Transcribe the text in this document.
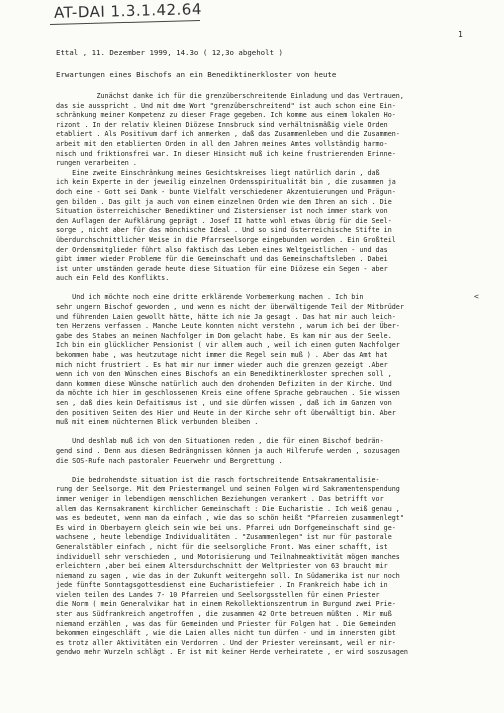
AT-DAI 1.3.1.42.64
1
Ettal , 11. Dezember 1999, 14.3o ( 12,3o abgeholt )
Erwartungen eines Bischofs an ein Benediktinerkloster von heute
<
Zunächst danke ich für die grenzüberschreitende Einladung und das Vertrauen,
das sie ausspricht . Und mit dme Wort "grenzüberschreitend" ist auch schon eine Ein-
schränkung meiner Kompetenz zu dieser Frage gegeben. Ich komme aus einem lokalen Ho-
rizont . In der relativ kleinen Diözese Innsbruck sind verhältnismäßig viele Orden
etabliert . Als Positivum darf ich anmerken , daß das Zusammenleben und die Zusammen-
arbeit mit den etablierten Orden in all den Jahren meines Amtes vollständig harmo-
nisch und friktionsfrei war. In dieser Hinsicht muß ich keine frustrierenden Erinne-
rungen verarbeiten .
Eine zweite Einschränkung meines Gesichtskreises liegt natürlich darin , daß
ich kein Experte in der jeweilig einzelnen Ordensspiritualität bin , die zusammen ja
doch eine - Gott sei Dank - bunte Vielfalt verschiedener Akzentuierungen und Prägun-
gen bilden . Das gilt ja auch von einem einzelnen Orden wie dem Ihren an sich . Die
Situation österreichischer Benediktiner und Zistersienser ist noch immer stark von
den Auflagen der Aufklärung geprägt . Josef II hatte wohl etwas übrig für die Seel-
sorge , nicht aber für das mönchische Ideal . Und so sind österreichische Stifte in
überdurchschnittlicher Weise in die Pfarrseelsorge eingebunden worden . Ein Großteil
der Ordensmitglieder führt also faktisch das Leben eines Weltgeistlichen - und das
gibt immer wieder Probleme für die Gemeinschaft und das Gemeinschaftsleben . Dabei
ist unter umständen gerade heute diese Situation für eine Diözese ein Segen - aber
auch ein Feld des Konflikts.
Und ich möchte noch eine dritte erklärende Vorbemerkung machen . Ich bin
sehr ungern Bischof geworden , und wenn es nicht der überwältigende Teil der Mitbrüder
und führenden Laien gewollt hätte, hätte ich nie Ja gesagt . Das hat mir auch leich-
ten Herzens verfassen . Manche Leute konnten nicht verstehn , warum ich bei der Über-
gabe des Stabes an meinen Nachfolger im Dom gelacht habe. Es kam mir aus der Seele.
Ich bin ein glücklicher Pensionist ( vir allem auch , weil ich einen guten Nachfolger
bekommen habe , was heutzutage nicht immer die Regel sein muß ) . Aber das Amt hat
mich nicht frustriert . Es hat mir nur immer wieder auch die grenzen gezeigt .Aber
wenn ich von den Wünschen eines Bischofs an ein Benediktinerkloster sprechen soll ,
dann kommen diese Wünsche natürlich auch den drohenden Defiziten in der Kirche. Und
da möchte ich hier im geschlossenen Kreis eine offene Sprache gebrauchen . Sie wissen
sen , daß dies kein Defaitismus ist , und sie dürfen wissen , daß ich im Ganzen von
den positiven Seiten des Hier und Heute in der Kirche sehr oft überwältigt bin. Aber
muß mit einem nüchternen Blick verbunden bleiben .
Und deshlab muß ich von den Situationen reden , die für einen Bischof bedrän-
gend sind . Denn aus diesen Bedrängnissen können ja auch Hilferufe werden , sozusagen
die SOS-Rufe nach pastoraler Feuerwehr und Bergrettung .
Die bedrohendste situation ist die rasch fortschreitende Entsakramentalisie-
rung der Seelsorge. Mit dem Priestermangel und seinen Folgen wird Sakramentenspendung
immer weniger in lebendigen menschlichen Beziehungen verankert . Das betrifft vor
allem das Kernsakrament kirchlicher Gemeinschaft : Die Eucharistie . Ich weiß genau ,
was es bedeutet, wenn man da einfach , wie das so schön heißt "Pfarreien zusammenlegt"
Es wird in Oberbayern gleich sein wie bei uns. Pfarrei udn Dorfgemeinschaft sind ge-
wachsene , heute lebendige Individualitäten . "Zusammenlegen" ist nur für pastorale
Generalstäbler einfach , nicht für die seelsorgliche Front. Was einer schafft, ist
individuell sehr verschieden , und Motorisierung und Teilnahmeaktivität mögen manches
erleichtern ,aber bei einem Altersdurchschnitt der Weltpriester von 63 braucht mir
niemand zu sagen , wie das in der Zukunft weitergehn soll. In Südamerika ist nur noch
jede fünfte Sonntagsgottesdienst eine Eucharistiefeier . In Frankreich habe ich in
vielen teilen des Landes 7- 10 Pfarreien und Seelsorgsstellen für einen Priester
die Norm ( mein Generalvikar hat in einem Rekollektionszentrum in Burgund zwei Prie-
ster aus Südfrankreich angetroffen , die zusammen 42 Orte betreuen müßten . Mir muß
niemand erzählen , was das für Gemeinden und Priester für Folgen hat . Die Gemeinden
bekommen eingeschläft , wie die Laien alles nicht tun dürfen - und im innersten gibt
es trotz aller Aktivitäten ein Verdorren . Und der Priester vereinsamt, weil er nir-
gendwo mehr Wurzeln schlägt . Er ist mit keiner Herde verheiratete , er wird soszusagen
